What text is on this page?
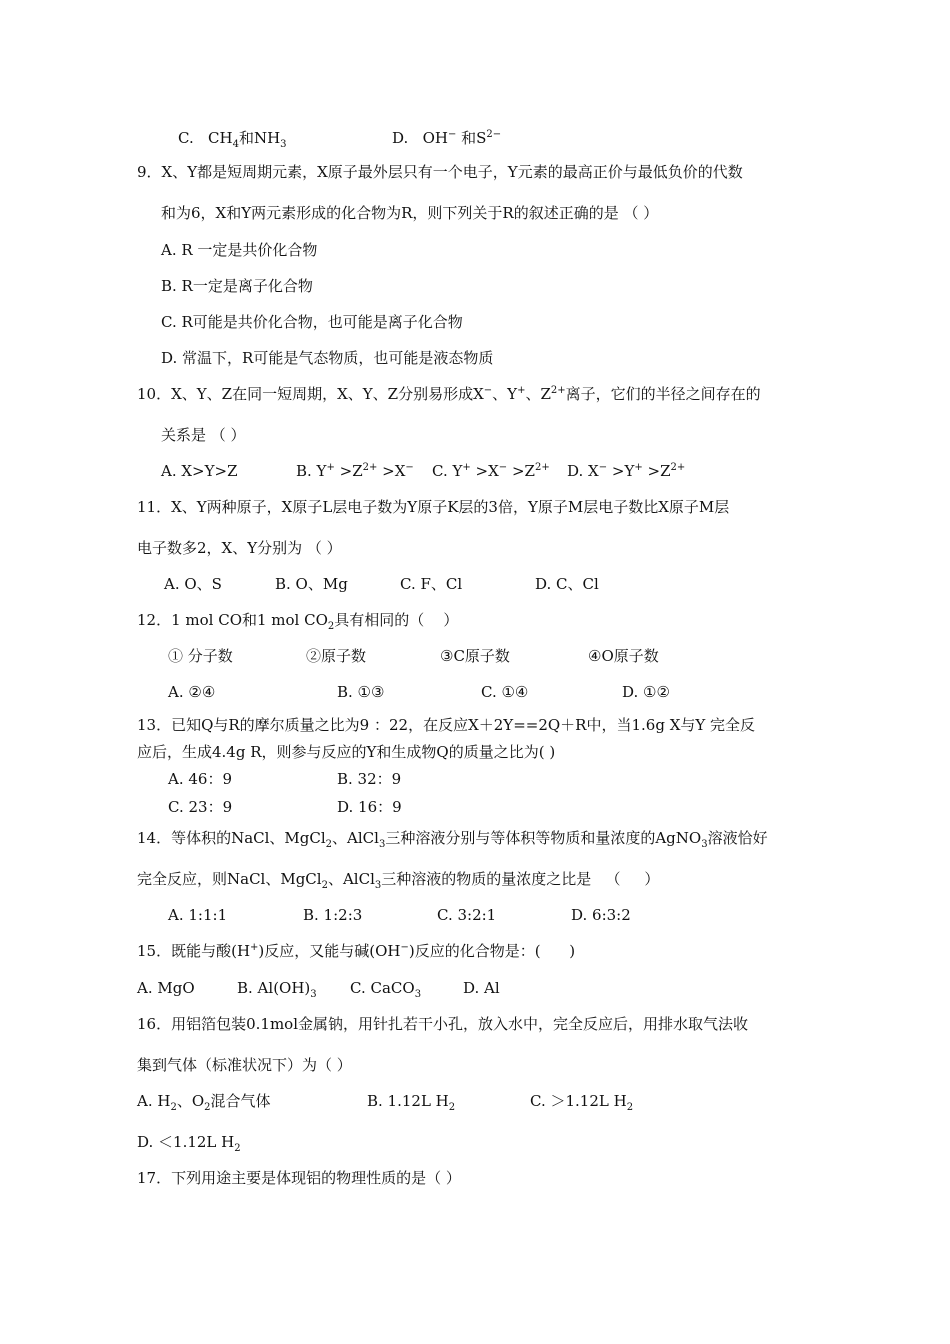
C.   $CH_4$和$NH_3$	D.   OH− 和$S^{2-}$
9．X、Y都是短周期元素，X原子最外层只有一个电子，Y元素的最高正价与最低负价的代数
和为6，X和Y两元素形成的化合物为R，则下列关于R的叙述正确的是 （ ）
A. R 一定是共价化合物
B. R一定是离子化合物
C. R可能是共价化合物，也可能是离子化合物
D. 常温下，R可能是气态物质，也可能是液态物质
10．X、Y、Z在同一短周期，X、Y、Z分别易形成X−、Y+、$Z^{2+}$离子，它们的半径之间存在的
关系是 （ ）
A. X>Y>Z	B. $Y^+ >Z^{2+} >X^-$ C. $Y^+ >X^- >Z^{2+}$ D. $X^- >Y^+ >Z^{2+}$
11．X、Y两种原子，X原子L层电子数为Y原子K层的3倍，Y原子M层电子数比X原子M层
电子数多2，X、Y分别为 （ ）
A. O、S	B. O、Mg	C. F、Cl	D. C、Cl
12．1 mol CO和1 mol $CO_2$具有相同的（    ）
① 分子数	②原子数	③C原子数	④O原子数
A. ②④	B. ①③	C. ①④	D. ①②
13．已知Q与R的摩尔质量之比为9 ：22，在反应X＋2Y==2Q＋R中，当1.6g X与Y 完全反
应后，生成4.4g R，则参与反应的Y和生成物Q的质量之比为( )
A. 46：9	B. 32：9
C. 23：9	D. 16：9
14．等体积的NaCl、MgCl$_2$、AlCl$_3$三种溶液分别与等体积等物质和量浓度的AgNO$_3$溶液恰好
完全反应，则NaCl、MgCl$_2$、AlCl$_3$三种溶液的物质的量浓度之比是   （     ）
A. 1:1:1	B. 1:2:3	C. 3:2:1	D. 6:3:2
15．既能与酸(H+)反应，又能与碱(OH−)反应的化合物是：(      )
A. MgO	B. $Al(OH)_3$ C. CaCO$_3$	D. Al
16．用铝箔包装0.1mol金属钠，用针扎若干小孔，放入水中，完全反应后，用排水取气法收
集到气体（标准状况下）为（ ）
A. $H_2$、$O_2$混合气体	B. 1.12L $H_2$	C. ＞1.12L $H_2$
D. ＜1.12L $H_2$
17．下列用途主要是体现铝的物理性质的是（ ）
